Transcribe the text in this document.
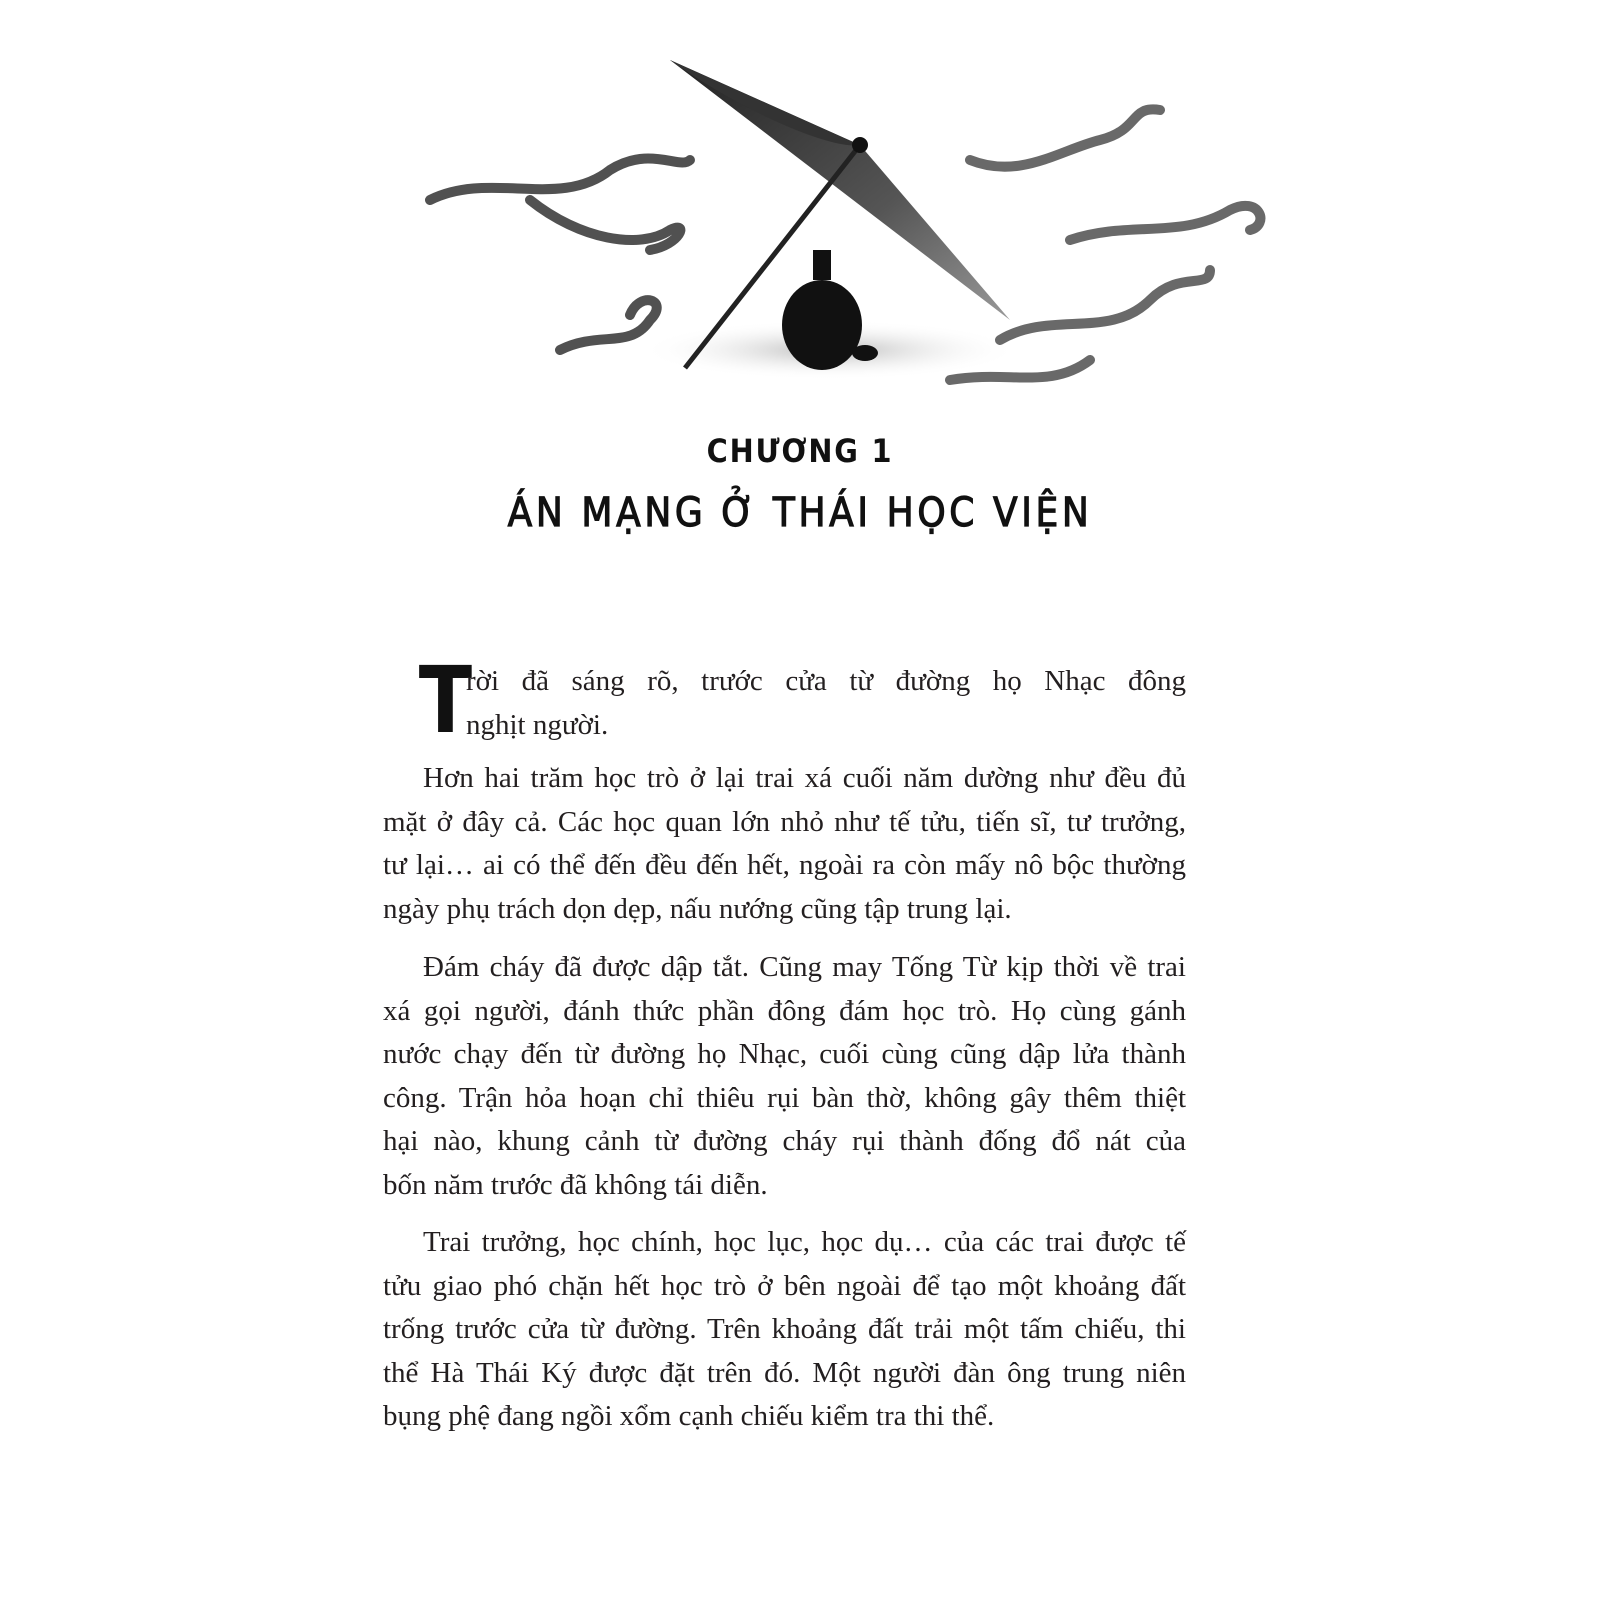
CHƯƠNG 1
ÁN MẠNG Ở THÁI HỌC VIỆN
T
rời đã sáng rõ, trước cửa từ đường họ Nhạc đông
nghịt người.
Hơn hai trăm học trò ở lại trai xá cuối năm dường như đều đủ
mặt ở đây cả. Các học quan lớn nhỏ như tế tửu, tiến sĩ, tư trưởng,
tư lại… ai có thể đến đều đến hết, ngoài ra còn mấy nô bộc thường
ngày phụ trách dọn dẹp, nấu nướng cũng tập trung lại.
Đám cháy đã được dập tắt. Cũng may Tống Từ kịp thời về trai
xá gọi người, đánh thức phần đông đám học trò. Họ cùng gánh
nước chạy đến từ đường họ Nhạc, cuối cùng cũng dập lửa thành
công. Trận hỏa hoạn chỉ thiêu rụi bàn thờ, không gây thêm thiệt
hại nào, khung cảnh từ đường cháy rụi thành đống đổ nát của
bốn năm trước đã không tái diễn.
Trai trưởng, học chính, học lục, học dụ… của các trai được tế
tửu giao phó chặn hết học trò ở bên ngoài để tạo một khoảng đất
trống trước cửa từ đường. Trên khoảng đất trải một tấm chiếu, thi
thể Hà Thái Ký được đặt trên đó. Một người đàn ông trung niên
bụng phệ đang ngồi xổm cạnh chiếu kiểm tra thi thể.
